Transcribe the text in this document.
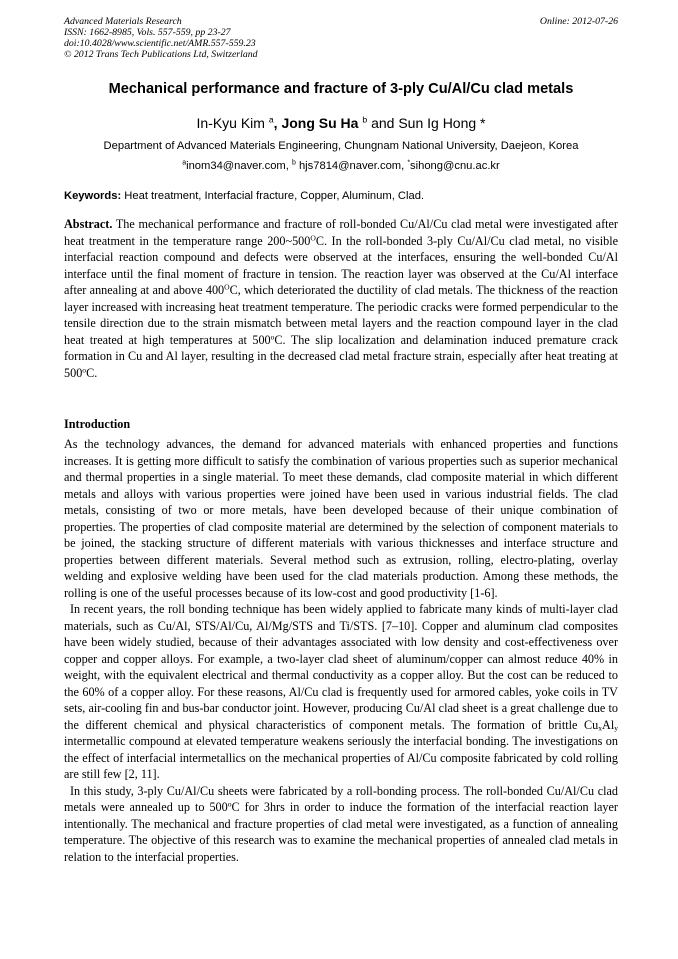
Advanced Materials Research
ISSN: 1662-8985, Vols. 557-559, pp 23-27
doi:10.4028/www.scientific.net/AMR.557-559.23
© 2012 Trans Tech Publications Ltd, Switzerland
Online: 2012-07-26
Mechanical performance and fracture of 3-ply Cu/Al/Cu clad metals
In-Kyu Kim $^a$, Jong Su Ha $^b$ and Sun Ig Hong *
Department of Advanced Materials Engineering, Chungnam National University, Daejeon, Korea
$^a$inom34@naver.com, $^b$ hjs7814@naver.com, *sihong@cnu.ac.kr
Keywords: Heat treatment, Interfacial fracture, Copper, Aluminum, Clad.
Abstract. The mechanical performance and fracture of roll-bonded Cu/Al/Cu clad metal were investigated after heat treatment in the temperature range $200\sim 500^OC$. In the roll-bonded 3-ply Cu/Al/Cu clad metal, no visible interfacial reaction compound and defects were observed at the interfaces, ensuring the well-bonded Cu/Al interface until the final moment of fracture in tension. The reaction layer was observed at the Cu/Al interface after annealing at and above $400^OC$, which deteriorated the ductility of clad metals. The thickness of the reaction layer increased with increasing heat treatment temperature. The periodic cracks were formed perpendicular to the tensile direction due to the strain mismatch between metal layers and the reaction compound layer in the clad heat treated at high temperatures at 500$^o$C. The slip localization and delamination induced premature crack formation in Cu and Al layer, resulting in the decreased clad metal fracture strain, especially after heat treating at 500$^o$C.
Introduction

As the technology advances, the demand for advanced materials with enhanced properties and functions increases. It is getting more difficult to satisfy the combination of various properties such as superior mechanical and thermal properties in a single material. To meet these demands, clad composite material in which different metals and alloys with various properties were joined have been used in various industrial fields. The clad metals, consisting of two or more metals, have been developed because of their unique combination of properties. The properties of clad composite material are determined by the selection of component materials to be joined, the stacking structure of different materials with various thicknesses and interface structure and properties between different materials. Several method such as extrusion, rolling, electro-plating, overlay welding and explosive welding have been used for the clad materials production. Among these methods, the rolling is one of the useful processes because of its low-cost and good productivity [1-6].

In recent years, the roll bonding technique has been widely applied to fabricate many kinds of multi-layer clad materials, such as Cu/Al, STS/Al/Cu, Al/Mg/STS and Ti/STS. [7–10]. Copper and aluminum clad composites have been widely studied, because of their advantages associated with low density and cost-effectiveness over copper and copper alloys. For example, a two-layer clad sheet of aluminum/copper can almost reduce 40% in weight, with the equivalent electrical and thermal conductivity as a copper alloy. But the cost can be reduced to the 60% of a copper alloy. For these reasons, Al/Cu clad is frequently used for armored cables, yoke coils in TV sets, air-cooling fin and bus-bar conductor joint. However, producing Cu/Al clad sheet is a great challenge due to the different chemical and physical characteristics of component metals. The formation of brittle $Cu_xAl_y$ intermetallic compound at elevated temperature weakens seriously the interfacial bonding. The investigations on the effect of interfacial intermetallics on the mechanical properties of Al/Cu composite fabricated by cold rolling are still few [2, 11].

In this study, 3-ply Cu/Al/Cu sheets were fabricated by a roll-bonding process. The roll-bonded Cu/Al/Cu clad metals were annealed up to 500$^o$C for 3hrs in order to induce the formation of the interfacial reaction layer intentionally. The mechanical and fracture properties of clad metal were investigated, as a function of annealing temperature. The objective of this research was to examine the mechanical properties of annealed clad metals in relation to the interfacial properties.
